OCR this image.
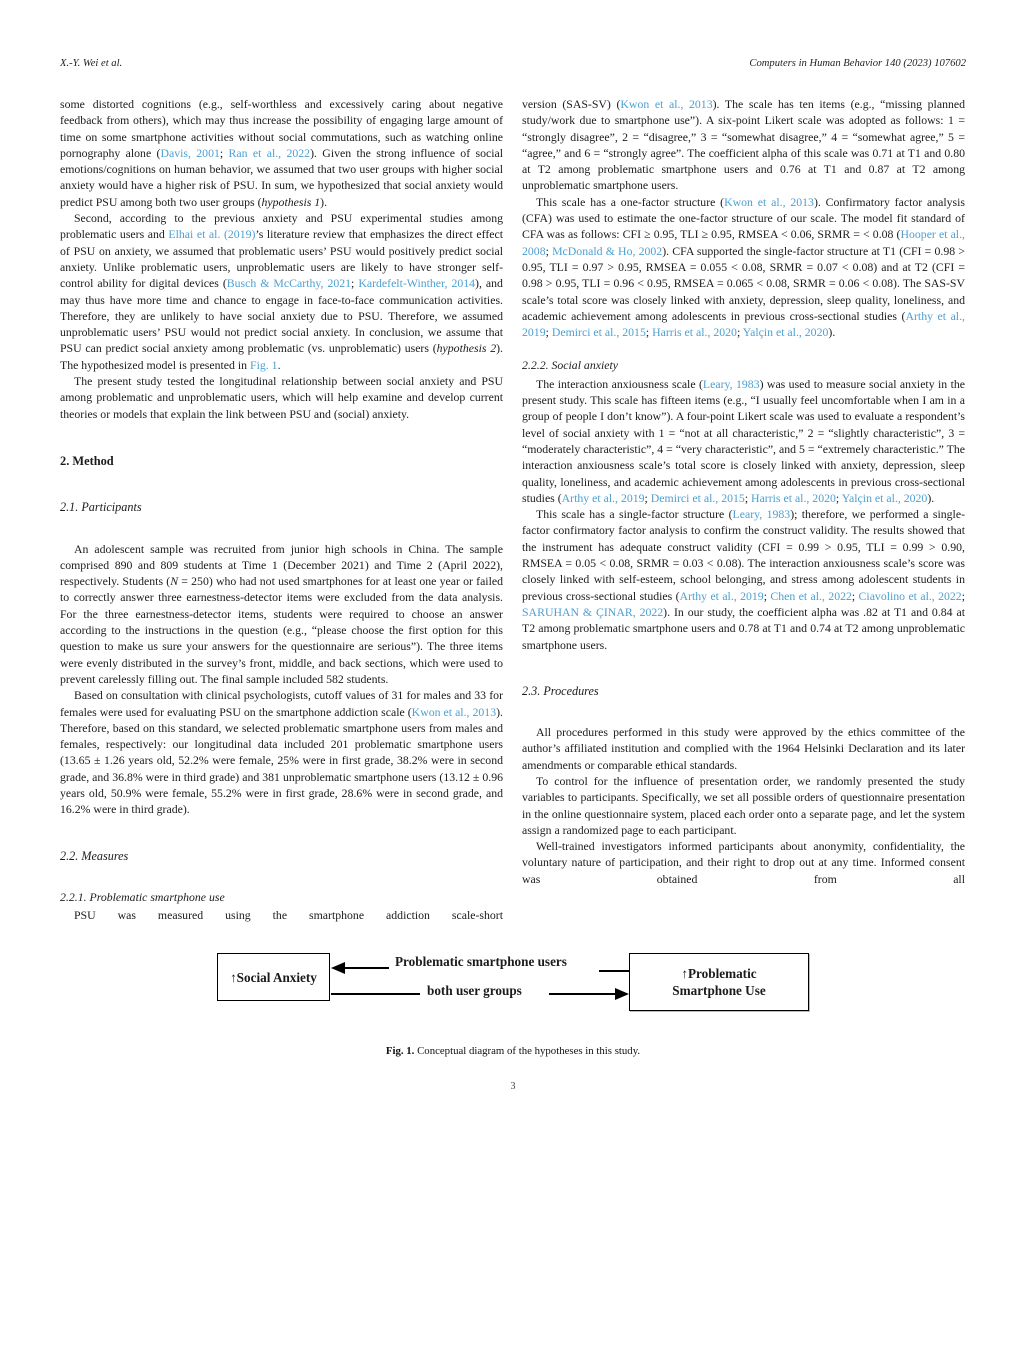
X.-Y. Wei et al.	Computers in Human Behavior 140 (2023) 107602

some distorted cognitions (e.g., self-worthless and excessively caring about negative feedback from others), which may thus increase the possibility of engaging large amount of time on some smartphone activities without social commutations, such as watching online pornography alone (Davis, 2001; Ran et al., 2022). Given the strong influence of social emotions/cognitions on human behavior, we assumed that two user groups with higher social anxiety would have a higher risk of PSU. In sum, we hypothesized that social anxiety would predict PSU among both two user groups (hypothesis 1).

Second, according to the previous anxiety and PSU experimental studies among problematic users and Elhai et al. (2019)’s literature review that emphasizes the direct effect of PSU on anxiety, we assumed that problematic users’ PSU would positively predict social anxiety. Unlike problematic users, unproblematic users are likely to have stronger self-control ability for digital devices (Busch & McCarthy, 2021; Kardefelt-Winther, 2014), and may thus have more time and chance to engage in face-to-face communication activities. Therefore, they are unlikely to have social anxiety due to PSU. Therefore, we assumed unproblematic users’ PSU would not predict social anxiety. In conclusion, we assume that PSU can predict social anxiety among problematic (vs. unproblematic) users (hypothesis 2). The hypothesized model is presented in Fig. 1.

The present study tested the longitudinal relationship between social anxiety and PSU among problematic and unproblematic users, which will help examine and develop current theories or models that explain the link between PSU and (social) anxiety.

2. Method
2.1. Participants

An adolescent sample was recruited from junior high schools in China. The sample comprised 890 and 809 students at Time 1 (December 2021) and Time 2 (April 2022), respectively. Students (N = 250) who had not used smartphones for at least one year or failed to correctly answer three earnestness-detector items were excluded from the data analysis. For the three earnestness-detector items, students were required to choose an answer according to the instructions in the question (e.g., “please choose the first option for this question to make us sure your answers for the questionnaire are serious”). The three items were evenly distributed in the survey’s front, middle, and back sections, which were used to prevent carelessly filling out. The final sample included 582 students.

Based on consultation with clinical psychologists, cutoff values of 31 for males and 33 for females were used for evaluating PSU on the smartphone addiction scale (Kwon et al., 2013). Therefore, based on this standard, we selected problematic smartphone users from males and females, respectively: our longitudinal data included 201 problematic smartphone users (13.65 ± 1.26 years old, 52.2% were female, 25% were in first grade, 38.2% were in second grade, and 36.8% were in third grade) and 381 unproblematic smartphone users (13.12 ± 0.96 years old, 50.9% were female, 55.2% were in first grade, 28.6% were in second grade, and 16.2% were in third grade).

2.2. Measures
2.2.1. Problematic smartphone use

PSU was measured using the smartphone addiction scale-short

version (SAS-SV) (Kwon et al., 2013). The scale has ten items (e.g., “missing planned study/work due to smartphone use”). A six-point Likert scale was adopted as follows: 1 = “strongly disagree”, 2 = “disagree,” 3 = “somewhat disagree,” 4 = “somewhat agree,” 5 = “agree,” and 6 = “strongly agree”. The coefficient alpha of this scale was 0.71 at T1 and 0.80 at T2 among problematic smartphone users and 0.76 at T1 and 0.87 at T2 among unproblematic smartphone users.

This scale has a one-factor structure (Kwon et al., 2013). Confirmatory factor analysis (CFA) was used to estimate the one-factor structure of our scale. The model fit standard of CFA was as follows: CFI ≥ 0.95, TLI ≥ 0.95, RMSEA < 0.06, SRMR = < 0.08 (Hooper et al., 2008; McDonald & Ho, 2002). CFA supported the single-factor structure at T1 (CFI = 0.98 > 0.95, TLI = 0.97 > 0.95, RMSEA = 0.055 < 0.08, SRMR = 0.07 < 0.08) and at T2 (CFI = 0.98 > 0.95, TLI = 0.96 < 0.95, RMSEA = 0.065 < 0.08, SRMR = 0.06 < 0.08). The SAS-SV scale’s total score was closely linked with anxiety, depression, sleep quality, loneliness, and academic achievement among adolescents in previous cross-sectional studies (Arthy et al., 2019; Demirci et al., 2015; Harris et al., 2020; Yalçin et al., 2020).

2.2.2. Social anxiety

The interaction anxiousness scale (Leary, 1983) was used to measure social anxiety in the present study. This scale has fifteen items (e.g., “I usually feel uncomfortable when I am in a group of people I don’t know”). A four-point Likert scale was used to evaluate a respondent’s level of social anxiety with 1 = “not at all characteristic,” 2 = “slightly characteristic”, 3 = “moderately characteristic”, 4 = “very characteristic”, and 5 = “extremely characteristic.” The interaction anxiousness scale’s total score is closely linked with anxiety, depression, sleep quality, loneliness, and academic achievement among adolescents in previous cross-sectional studies (Arthy et al., 2019; Demirci et al., 2015; Harris et al., 2020; Yalçin et al., 2020).

This scale has a single-factor structure (Leary, 1983); therefore, we performed a single-factor confirmatory factor analysis to confirm the construct validity. The results showed that the instrument has adequate construct validity (CFI = 0.99 > 0.95, TLI = 0.99 > 0.90, RMSEA = 0.05 < 0.08, SRMR = 0.03 < 0.08). The interaction anxiousness scale’s score was closely linked with self-esteem, school belonging, and stress among adolescent students in previous cross-sectional studies (Arthy et al., 2019; Chen et al., 2022; Ciavolino et al., 2022; SARUHAN & ÇINAR, 2022). In our study, the coefficient alpha was .82 at T1 and 0.84 at T2 among problematic smartphone users and 0.78 at T1 and 0.74 at T2 among unproblematic smartphone users.

2.3. Procedures

All procedures performed in this study were approved by the ethics committee of the author’s affiliated institution and complied with the 1964 Helsinki Declaration and its later amendments or comparable ethical standards.

To control for the influence of presentation order, we randomly presented the study variables to participants. Specifically, we set all possible orders of questionnaire presentation in the online questionnaire system, placed each order onto a separate page, and let the system assign a randomized page to each participant.

Well-trained investigators informed participants about anonymity, confidentiality, the voluntary nature of participation, and their right to drop out at any time. Informed consent was obtained from all

↑Social Anxiety	↑Problematic
Smartphone Use
Problematic smartphone users
both user groups
Fig. 1. Conceptual diagram of the hypotheses in this study.
3
